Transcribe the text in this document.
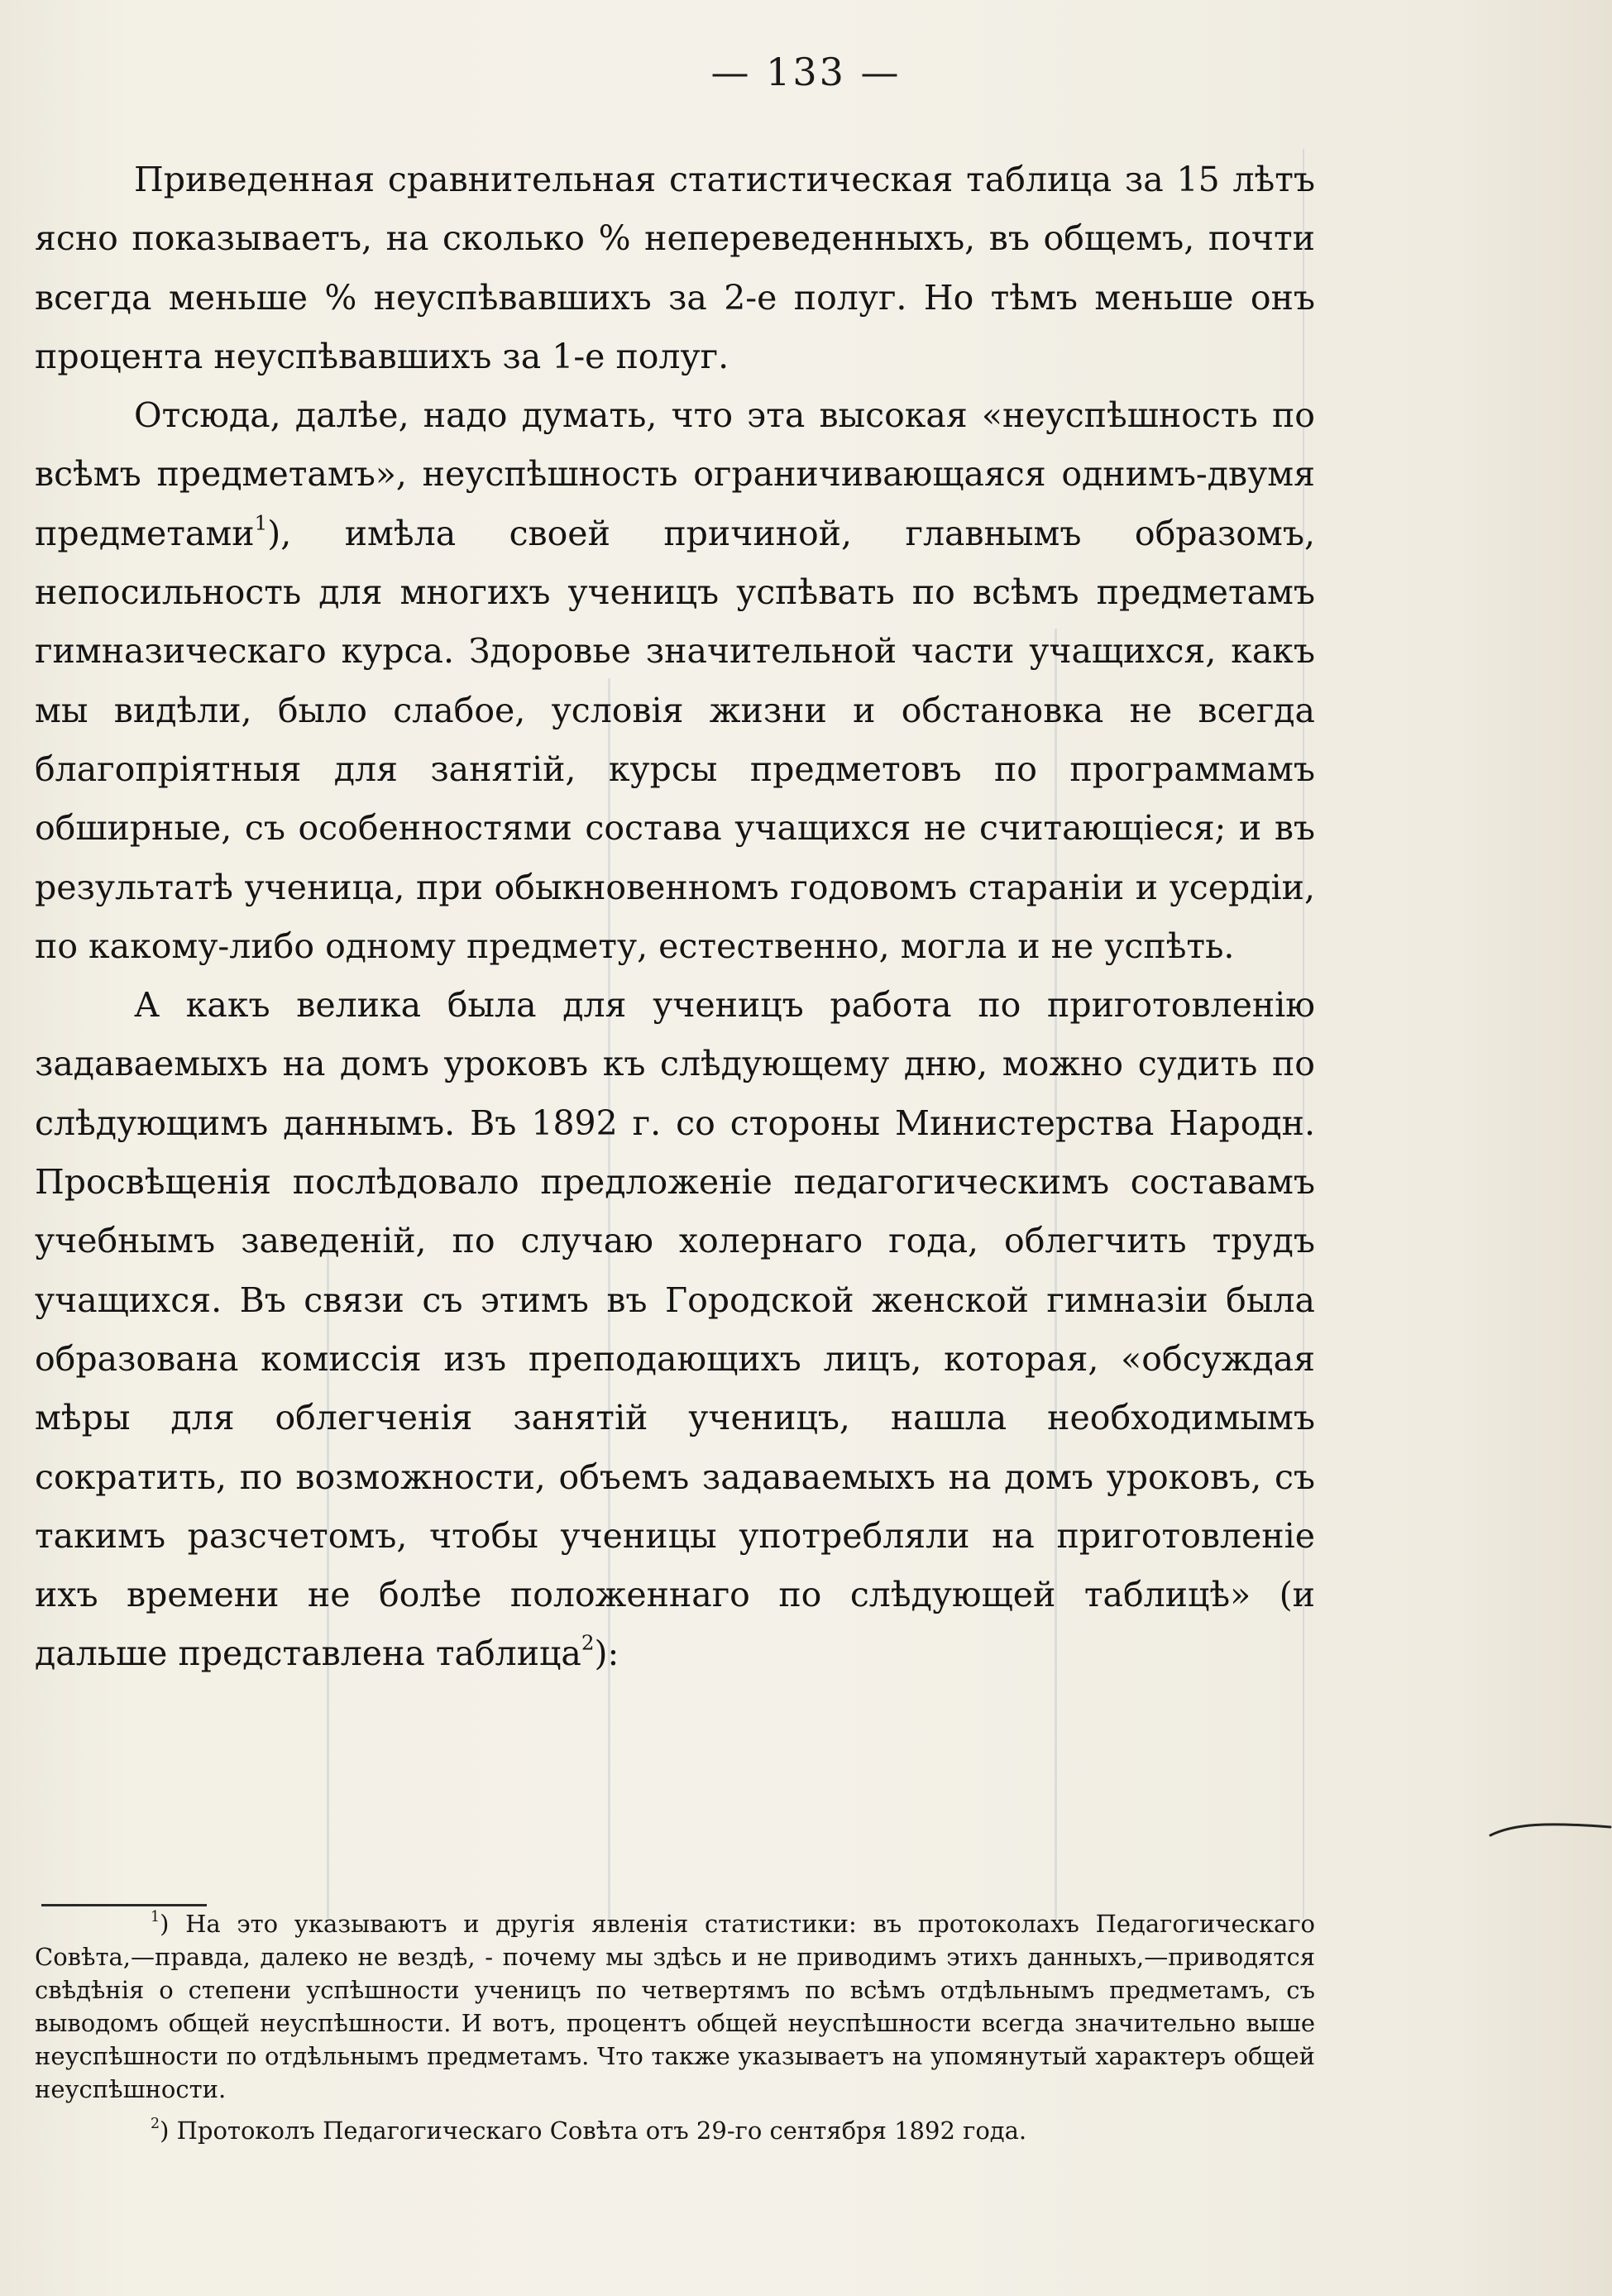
— 133 —

Приведенная сравнительная статистическая таблица за 15 лѣтъ ясно показываетъ, на сколько % непереведенныхъ, въ общемъ, почти всегда меньше % неуспѣвавшихъ за 2-е полуг. Но тѣмъ меньше онъ процента неуспѣвавшихъ за 1-е полуг.

Отсюда, далѣе, надо думать, что эта высокая «неуспѣшность по всѣмъ предметамъ», неуспѣшность ограничивающаяся однимъ-двумя предметами$^1$), имѣла своей причиной, главнымъ образомъ, непосильность для многихъ ученицъ успѣвать по всѣмъ предметамъ гимназическаго курса. Здоровье значительной части учащихся, какъ мы видѣли, было слабое, условія жизни и обстановка не всегда благопріятныя для занятій, курсы предметовъ по программамъ обширные, съ особенностями состава учащихся не считающіеся; и въ результатѣ ученица, при обыкновенномъ годовомъ стараніи и усердіи, по какому-либо одному предмету, естественно, могла и не успѣть.

А какъ велика была для ученицъ работа по приготовленію задаваемыхъ на домъ уроковъ къ слѣдующему дню, можно судить по слѣдующимъ даннымъ. Въ 1892 г. со стороны Министерства Народн. Просвѣщенія послѣдовало предложеніе педагогическимъ составамъ учебнымъ заведеній, по случаю холернаго года, облегчить трудъ учащихся. Въ связи съ этимъ въ Городской женской гимназіи была образована комиссія изъ преподающихъ лицъ, которая, «обсуждая мѣры для облегченія занятій ученицъ, нашла необходимымъ сократить, по возможности, объемъ задаваемыхъ на домъ уроковъ, съ такимъ разсчетомъ, чтобы ученицы употребляли на приготовленіе ихъ времени не болѣе положеннаго по слѣдующей таблицѣ» (и дальше представлена таблица$^2$):

$^1$) На это указываютъ и другія явленія статистики: въ протоколахъ Педагогическаго Совѣта,—правда, далеко не вездѣ, - почему мы здѣсь и не приводимъ этихъ данныхъ,—приводятся свѣдѣнія о степени успѣшности ученицъ по четвертямъ по всѣмъ отдѣльнымъ предметамъ, съ выводомъ общей неуспѣшности. И вотъ, процентъ общей неуспѣшности всегда значительно выше неуспѣшности по отдѣльнымъ предметамъ. Что также указываетъ на упомянутый характеръ общей неуспѣшности.

$^2$) Протоколъ Педагогическаго Совѣта отъ 29-го сентября 1892 года.
